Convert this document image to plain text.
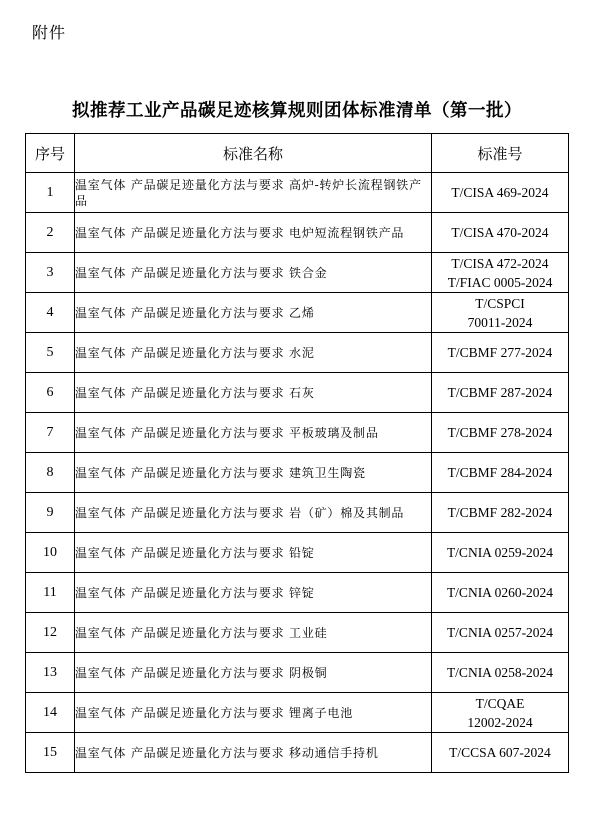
附件
拟推荐工业产品碳足迹核算规则团体标准清单（第一批）
序号	标准名称	标准号
1	温室气体 产品碳足迹量化方法与要求 高炉-转炉长流程钢铁产品	T/CISA 469-2024
2	温室气体 产品碳足迹量化方法与要求 电炉短流程钢铁产品	T/CISA 470-2024
3	温室气体 产品碳足迹量化方法与要求 铁合金	T/CISA 472-2024
T/FIAC 0005-2024
4	温室气体 产品碳足迹量化方法与要求 乙烯	T/CSPCI
70011-2024
5	温室气体 产品碳足迹量化方法与要求 水泥	T/CBMF 277-2024
6	温室气体 产品碳足迹量化方法与要求 石灰	T/CBMF 287-2024
7	温室气体 产品碳足迹量化方法与要求 平板玻璃及制品	T/CBMF 278-2024
8	温室气体 产品碳足迹量化方法与要求 建筑卫生陶瓷	T/CBMF 284-2024
9	温室气体 产品碳足迹量化方法与要求 岩（矿）棉及其制品	T/CBMF 282-2024
10	温室气体 产品碳足迹量化方法与要求 铅锭	T/CNIA 0259-2024
11	温室气体 产品碳足迹量化方法与要求 锌锭	T/CNIA 0260-2024
12	温室气体 产品碳足迹量化方法与要求 工业硅	T/CNIA 0257-2024
13	温室气体 产品碳足迹量化方法与要求 阴极铜	T/CNIA 0258-2024
14	温室气体 产品碳足迹量化方法与要求 锂离子电池	T/CQAE
12002-2024
15	温室气体 产品碳足迹量化方法与要求 移动通信手持机	T/CCSA 607-2024
